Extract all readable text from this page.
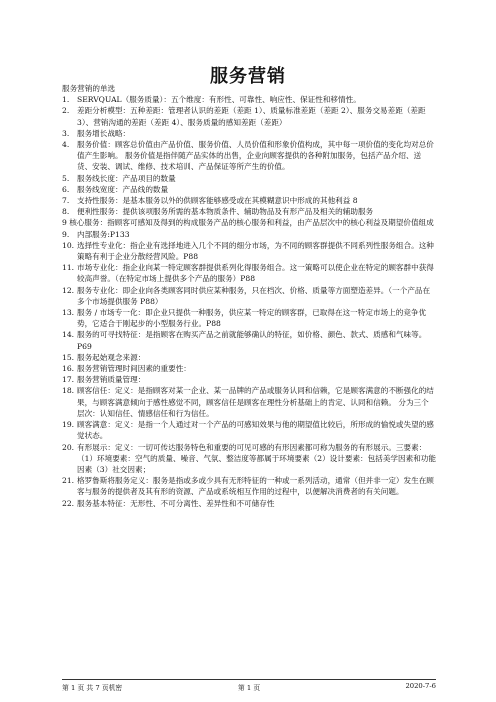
服务营销

服务营销的单选

1.	SERVQUAL（服务质量）：五个维度：有形性、可靠性、响应性、保证性和移情性。
2.	差距分析模型：五种差距：管理者认识的差距（差距 1）、质量标准差距（差距 2）、服务交易差距（差距 3）、营销沟通的差距（差距 4）、服务质量的感知差距（差距）
3.	服务增长战略：
4.	服务价值：顾客总价值由产品价值、服务价值、人员价值和形象价值构成，其中每一项价值的变化均对总价值产生影响。 服务价值是指伴随产品实体的出售，企业向顾客提供的各种附加服务，包括产品介绍、送货、安装、调试、维修、技术培训、产品保证等所产生的价值。
5.	服务线长度：产品项目的数量
6.	服务线宽度：产品线的数量
7.	支持性服务：是基本服务以外的供顾客能够感受或在其模糊意识中形成的其他利益 8
8.	便利性服务：提供该项服务所需的基本物质条件、辅助物品及有形产品及相关的辅助服务

9 核心服务：指顾客可感知及得到的构成服务产品的核心服务和利益，由产品层次中的核心利益及期望价值组成

9.	内部服务:P133
10. 选择性专业化：指企业有选择地进入几个不同的细分市场，为不同的顾客群提供不同系列性服务组合。这种策略有利于企业分散经营风险。P88
11. 市场专业化：指企业向某一特定顾客群提供系列化得服务组合。这一策略可以使企业在特定的顾客群中获得较高声誉。（在特定市场上提供多个产品的服务）P88
12. 服务专业化：即企业向各类顾客同时供应某种服务，只在档次、价格、质量等方面塑造差异。（一个产品在多个市场提供服务 P88）
13. 服务 / 市场专一化：即企业只提供一种服务，供应某一特定的顾客群，已取得在这一特定市场上的竞争优势，它适合于刚起步的小型服务行业。P88
14. 服务的可寻找特征：是指顾客在购买产品之前就能够确认的特征，如价格、颜色、款式、质感和气味等。P69
15. 服务起始观念来源：
16. 服务营销管理时间因素的重要性：
17. 服务营销质量管理：
18. 顾客信任：定义：是指顾客对某一企业、某一品牌的产品或服务认同和信赖，它是顾客满意的不断强化的结果，与顾客满意倾向于感性感觉不同，顾客信任是顾客在理性分析基础上的肯定、认同和信赖。 分为三个层次：认知信任、情感信任和行为信任。
19. 顾客满意：定义：是指一个人通过对一个产品的可感知效果与他的期望值比较后，所形成的愉悦或失望的感觉状态。
20. 有形展示：定义：一切可传达服务特色和重要的可见可感的有形因素都可称为服务的有形展示。三要素：（1）环境要素：空气的质量、噪音、气氛、整洁度等都属于环境要素（2）设计要素：包括美学因素和功能因素（3）社交因素；
21. 格罗鲁斯将服务定义：服务是指或多或少具有无形特征的一种或一系列活动，通常（但并非一定）发生在顾客与服务的提供者及其有形的资源、产品或系统相互作用的过程中，以便解决消费者的有关问题。
22. 服务基本特征：无形性、不可分离性、差异性和不可储存性
第 1 页 共 7 页机密	第 1 页	2020-7-6
